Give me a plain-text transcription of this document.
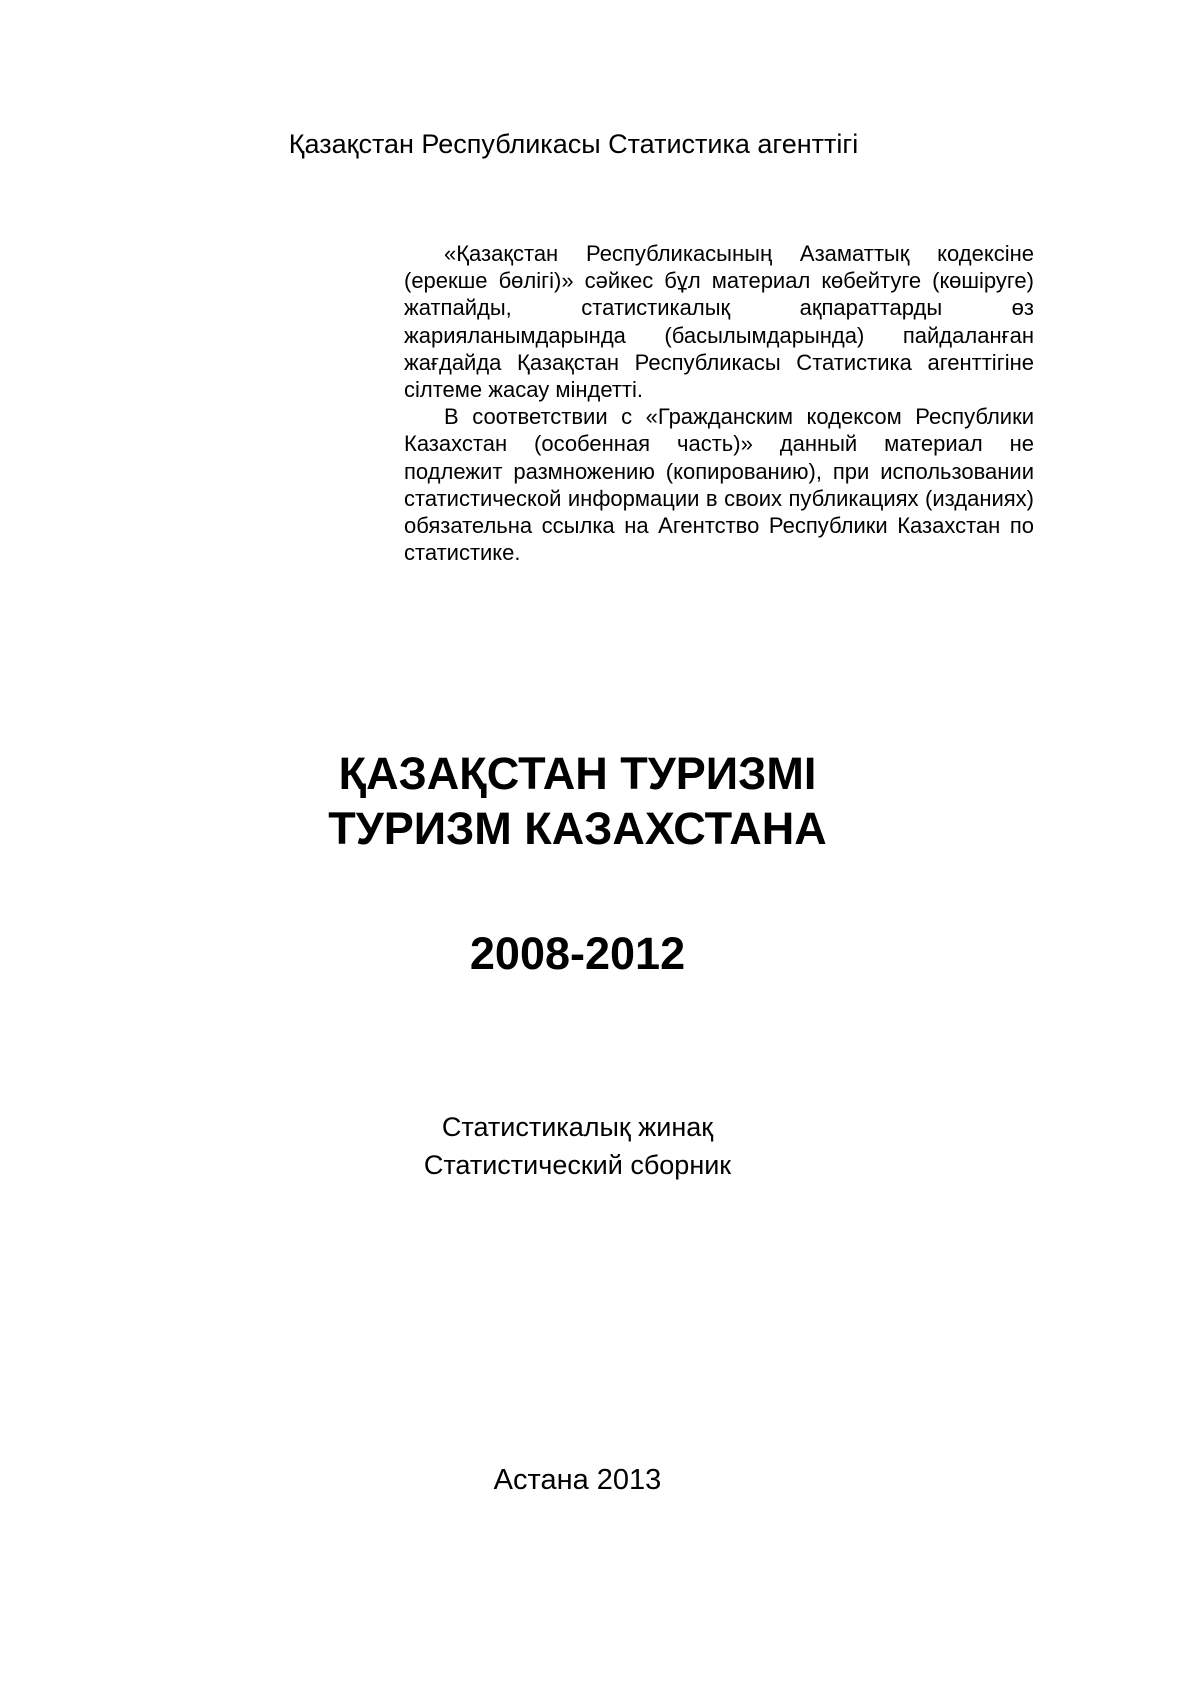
Қазақстан Республикасы Статистика агенттігі

«Қазақстан Республикасының Азаматтық кодексіне (ерекше бөлігі)» сәйкес бұл материал көбейтуге (көшіруге) жатпайды, статистикалық ақпараттарды өз жарияланымдарында (басылымдарында) пайдаланған жағдайда Қазақстан Республикасы Статистика агенттігіне сілтеме жасау міндетті.

В соответствии с «Гражданским кодексом Республики Казахстан (особенная часть)» данный материал не подлежит размножению (копированию), при использовании статистической информации в своих публикациях (изданиях) обязательна ссылка на Агентство Республики Казахстан по статистике.

ҚАЗАҚСТАН ТУРИЗМІ
ТУРИЗМ КАЗАХСТАНА
2008-2012
Статистикалық жинақ
Статистический сборник
Астана 2013
